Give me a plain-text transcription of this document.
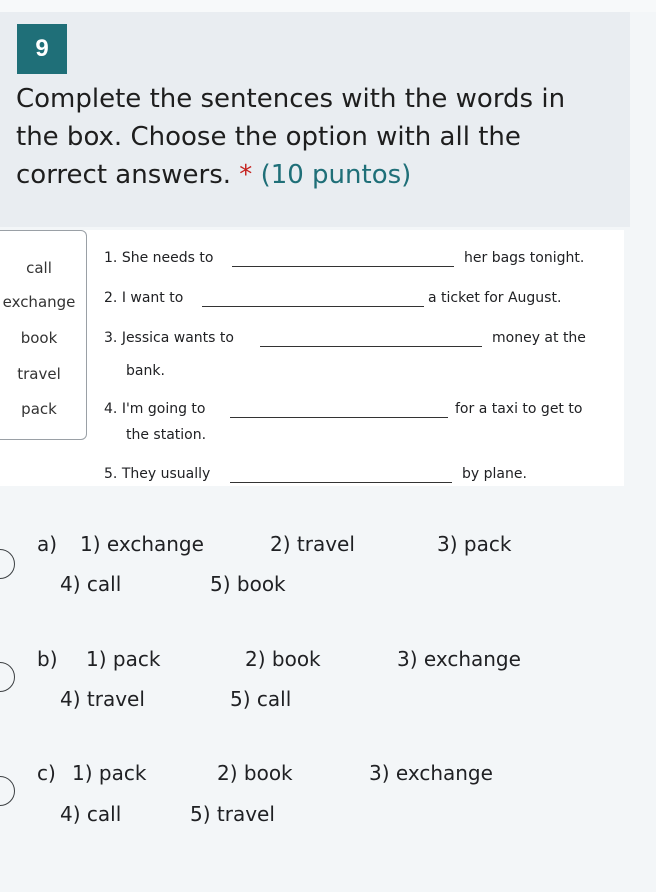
9
Complete the sentences with the words in the box. Choose the option with all the correct answers. * (10 puntos)
call
exchange
book
travel
pack
1. She needs to	her bags tonight.
2. I want to	a ticket for August.
3. Jessica wants to	money at the
bank.
4. I'm going to	for a taxi to get to
the station.
5. They usually	by plane.
a) 1) exchange	2) travel	3) pack
4) call	5) book
b) 1) pack	2) book	3) exchange
4) travel	5) call
c) 1) pack	2) book	3) exchange
4) call	5) travel
